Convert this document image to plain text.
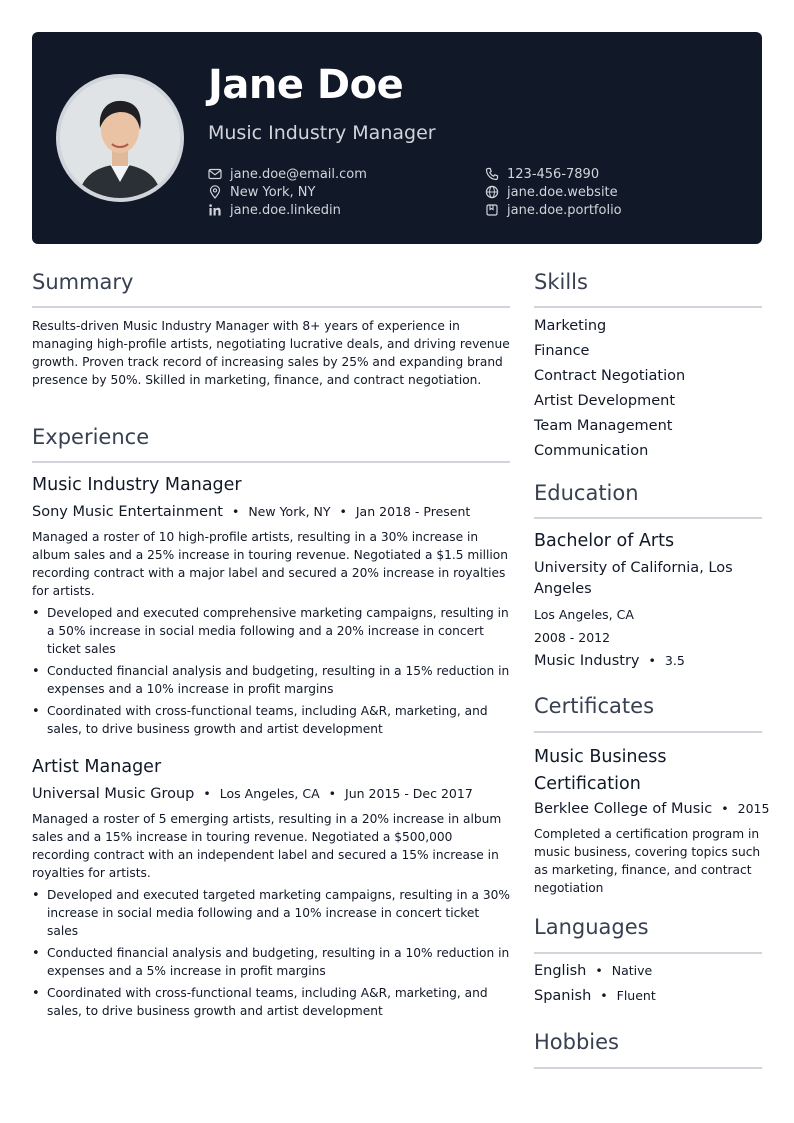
Jane Doe
Music Industry Manager
jane.doe@email.com
New York, NY
jane.doe.linkedin
123-456-7890
jane.doe.website
jane.doe.portfolio
Summary
Results-driven Music Industry Manager with 8+ years of experience in managing high-profile artists, negotiating lucrative deals, and driving revenue growth. Proven track record of increasing sales by 25% and expanding brand presence by 50%. Skilled in marketing, finance, and contract negotiation.
Experience
Music Industry Manager
Sony Music Entertainment • New York, NY • Jan 2018 - Present
Managed a roster of 10 high-profile artists, resulting in a 30% increase in album sales and a 25% increase in touring revenue. Negotiated a $1.5 million recording contract with a major label and secured a 20% increase in royalties for artists.
• Developed and executed comprehensive marketing campaigns, resulting in a 50% increase in social media following and a 20% increase in concert ticket sales
• Conducted financial analysis and budgeting, resulting in a 15% reduction in expenses and a 10% increase in profit margins
• Coordinated with cross-functional teams, including A&R, marketing, and sales, to drive business growth and artist development
Artist Manager
Universal Music Group • Los Angeles, CA • Jun 2015 - Dec 2017
Managed a roster of 5 emerging artists, resulting in a 20% increase in album sales and a 15% increase in touring revenue. Negotiated a $500,000 recording contract with an independent label and secured a 15% increase in royalties for artists.
• Developed and executed targeted marketing campaigns, resulting in a 30% increase in social media following and a 10% increase in concert ticket sales
• Conducted financial analysis and budgeting, resulting in a 10% reduction in expenses and a 5% increase in profit margins
• Coordinated with cross-functional teams, including A&R, marketing, and sales, to drive business growth and artist development
Skills
Marketing
Finance
Contract Negotiation
Artist Development
Team Management
Communication
Education
Bachelor of Arts
University of California, Los Angeles
Los Angeles, CA
2008 - 2012
Music Industry • 3.5
Certificates
Music Business Certification
Berklee College of Music • 2015
Completed a certification program in music business, covering topics such as marketing, finance, and contract negotiation
Languages
English • Native
Spanish • Fluent
Hobbies
